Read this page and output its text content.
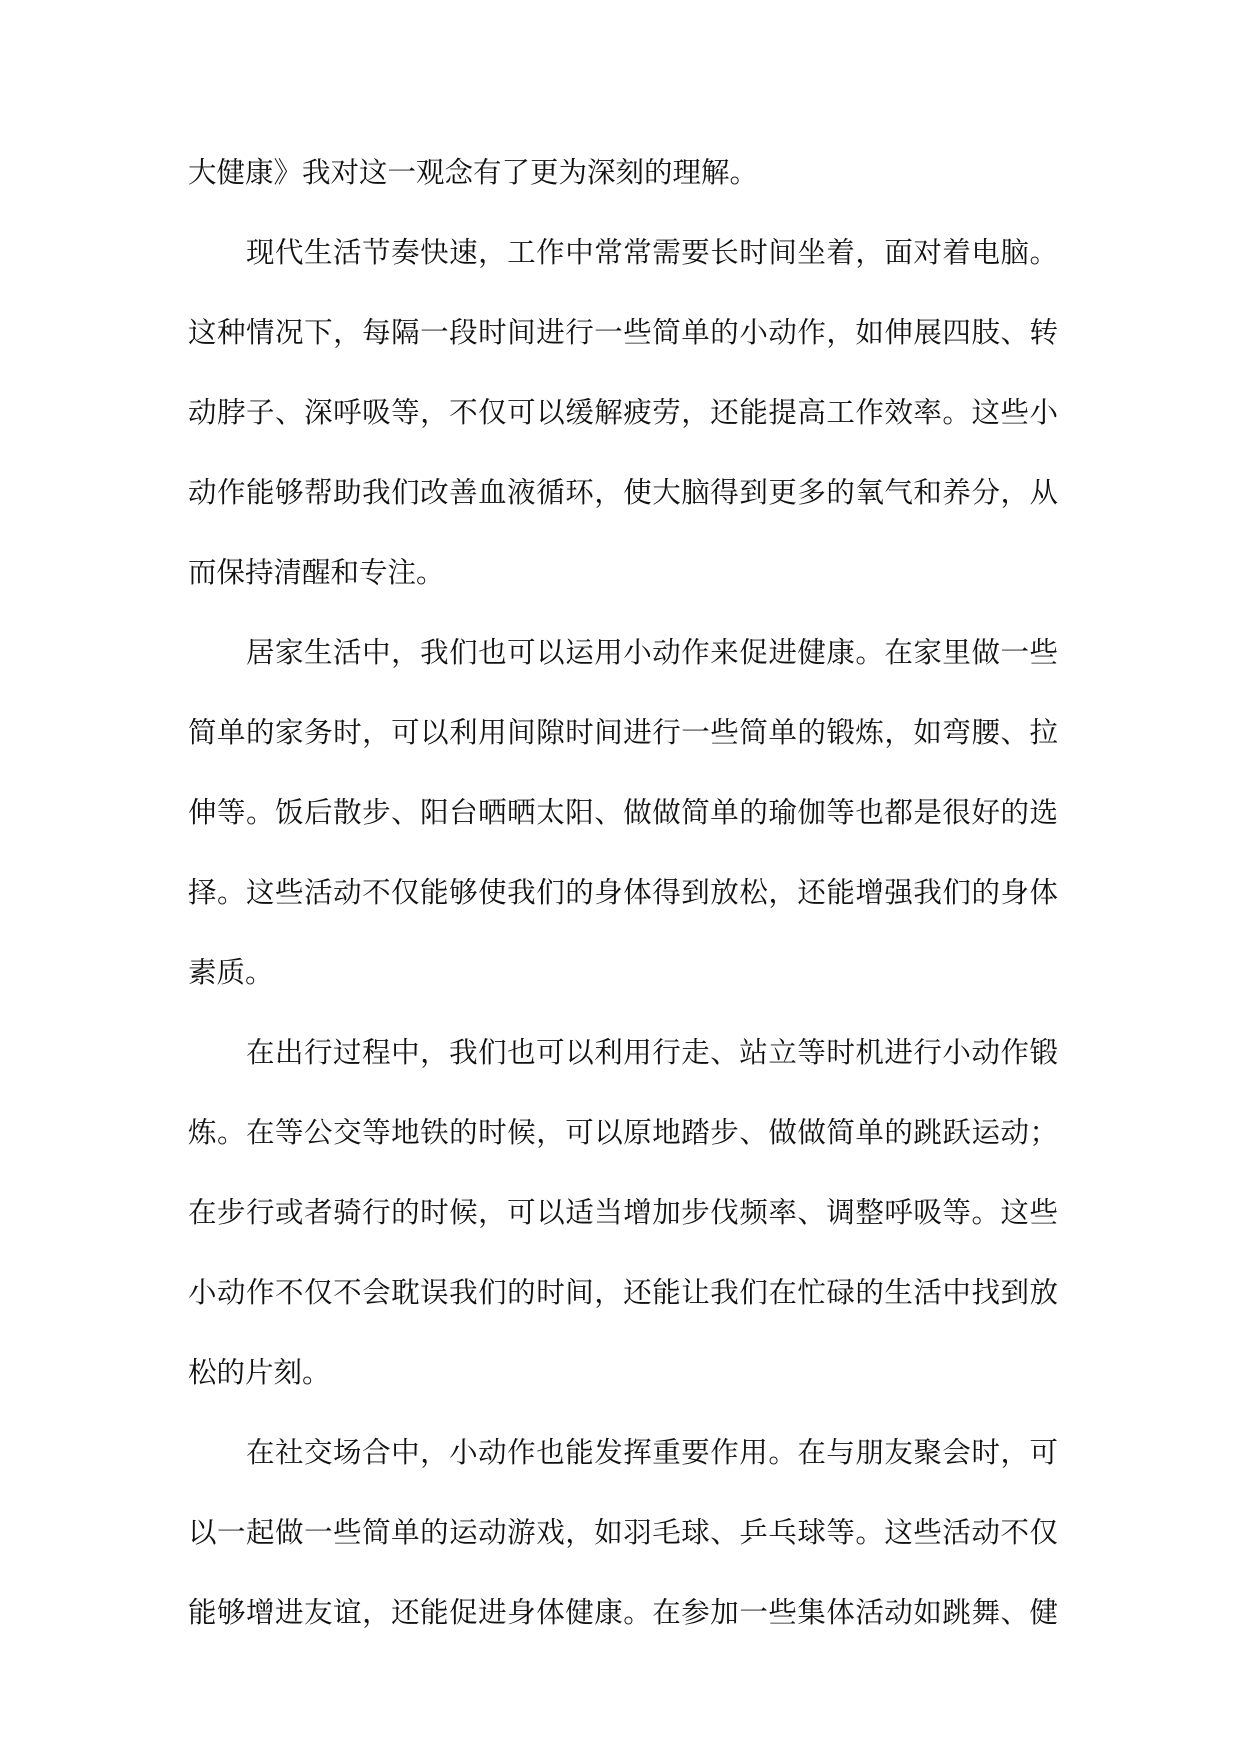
大健康》我对这一观念有了更为深刻的理解。
现代生活节奏快速，工作中常常需要长时间坐着，面对着电脑。
这种情况下，每隔一段时间进行一些简单的小动作，如伸展四肢、转
动脖子、深呼吸等，不仅可以缓解疲劳，还能提高工作效率。这些小
动作能够帮助我们改善血液循环，使大脑得到更多的氧气和养分，从
而保持清醒和专注。
居家生活中，我们也可以运用小动作来促进健康。在家里做一些
简单的家务时，可以利用间隙时间进行一些简单的锻炼，如弯腰、拉
伸等。饭后散步、阳台晒晒太阳、做做简单的瑜伽等也都是很好的选
择。这些活动不仅能够使我们的身体得到放松，还能增强我们的身体
素质。
在出行过程中，我们也可以利用行走、站立等时机进行小动作锻
炼。在等公交等地铁的时候，可以原地踏步、做做简单的跳跃运动；
在步行或者骑行的时候，可以适当增加步伐频率、调整呼吸等。这些
小动作不仅不会耽误我们的时间，还能让我们在忙碌的生活中找到放
松的片刻。
在社交场合中，小动作也能发挥重要作用。在与朋友聚会时，可
以一起做一些简单的运动游戏，如羽毛球、乒乓球等。这些活动不仅
能够增进友谊，还能促进身体健康。在参加一些集体活动如跳舞、健
